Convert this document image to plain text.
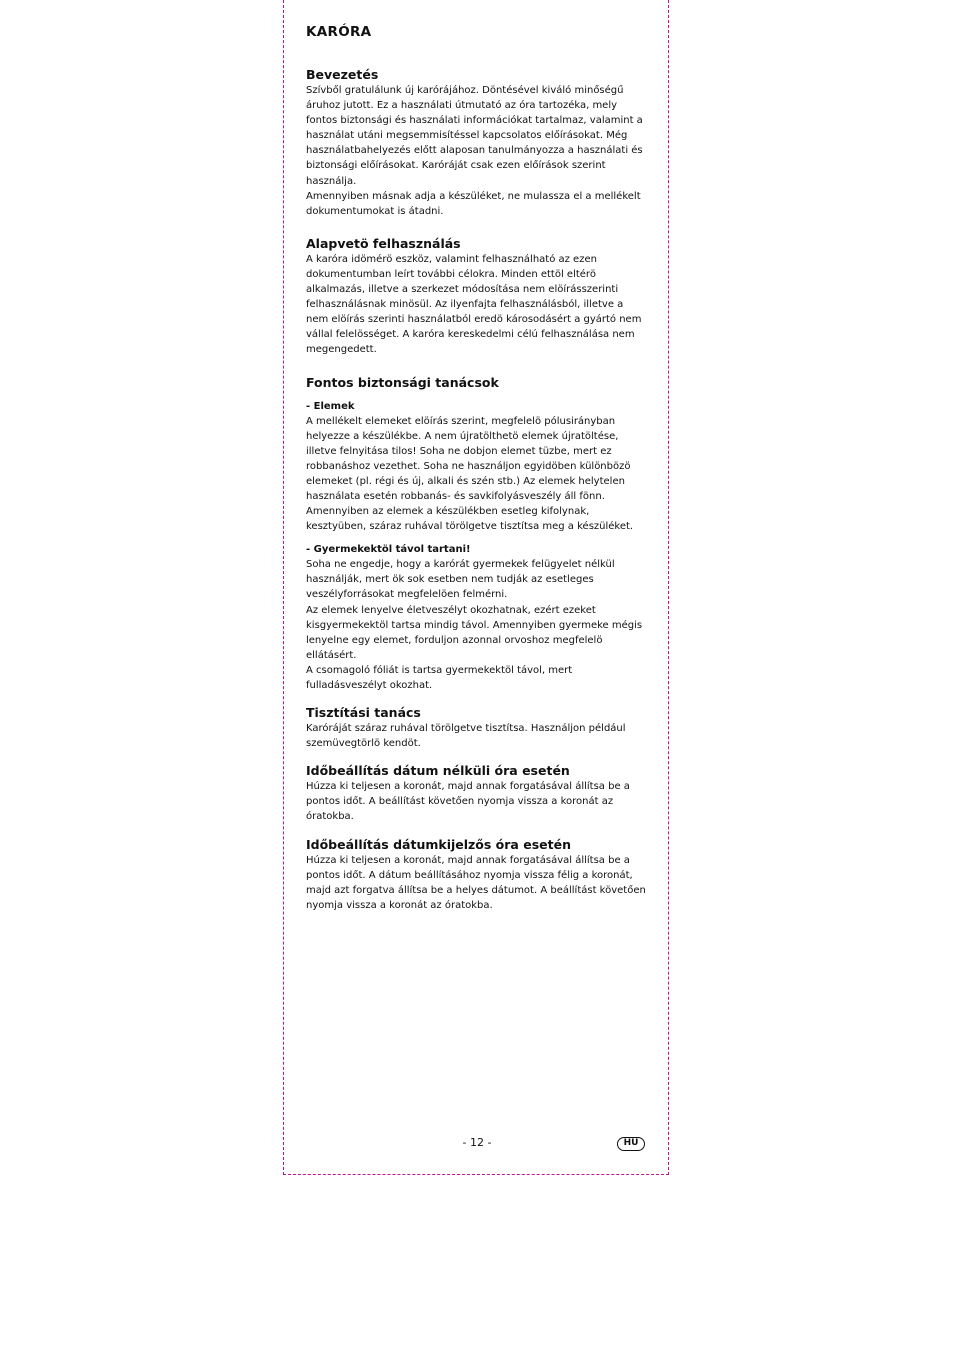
KARÓRA
Bevezetés

Szívből gratulálunk új karórájához. Döntésével kiváló minőségű áruhoz jutott. Ez a használati útmutató az óra tartozéka, mely fontos biztonsági és használati információkat tartalmaz, valamint a használat utáni megsemmisítéssel kapcsolatos előírásokat. Még használatbahelyezés előtt alaposan tanulmányozza a használati és biztonsági előírásokat. Karóráját csak ezen előírások szerint használja.

Amennyiben másnak adja a készüléket, ne mulassza el a mellékelt dokumentumokat is átadni.

Alapvetö felhasználás

A karóra idömérö eszköz, valamint felhasználható az ezen dokumentumban leírt további célokra. Minden ettöl eltérö alkalmazás, illetve a szerkezet módosítása nem elöírásszerinti felhasználásnak minösül. Az ilyenfajta felhasználásból, illetve a nem elöírás szerinti használatból eredö károsodásért a gyártó nem vállal felelösséget. A karóra kereskedelmi célú felhasználása nem megengedett.

Fontos biztonsági tanácsok

- Elemek

A mellékelt elemeket elöírás szerint, megfelelö pólusirányban helyezze a készülékbe. A nem újratölthetö elemek újratöltése, illetve felnyitása tilos! Soha ne dobjon elemet tüzbe, mert ez robbanáshoz vezethet. Soha ne használjon egyidöben különbözö elemeket (pl. régi és új, alkali és szén stb.) Az elemek helytelen használata esetén robbanás- és savkifolyásveszély áll fönn.

Amennyiben az elemek a készülékben esetleg kifolynak, kesztyüben, száraz ruhával törölgetve tisztítsa meg a készüléket.

- Gyermekektöl távol tartani!

Soha ne engedje, hogy a karórát gyermekek felügyelet nélkül használják, mert ök sok esetben nem tudják az esetleges veszélyforrásokat megfelelöen felmérni.

Az elemek lenyelve életveszélyt okozhatnak, ezért ezeket kisgyermekektöl tartsa mindig távol. Amennyiben gyermeke mégis lenyelne egy elemet, forduljon azonnal orvoshoz megfelelö ellátásért.

A csomagoló fóliát is tartsa gyermekektöl távol, mert fulladásveszélyt okozhat.

Tisztítási tanács

Karóráját száraz ruhával törölgetve tisztítsa. Használjon például szemüvegtörlö kendöt.

Időbeállítás dátum nélküli óra esetén

Húzza ki teljesen a koronát, majd annak forgatásával állítsa be a pontos időt. A beállítást követően nyomja vissza a koronát az óratokba.

Időbeállítás dátumkijelzős óra esetén

Húzza ki teljesen a koronát, majd annak forgatásával állítsa be a pontos időt. A dátum beállításához nyomja vissza félig a koronát, majd azt forgatva állítsa be a helyes dátumot. A beállítást követően nyomja vissza a koronát az óratokba.

- 12 -	HU
